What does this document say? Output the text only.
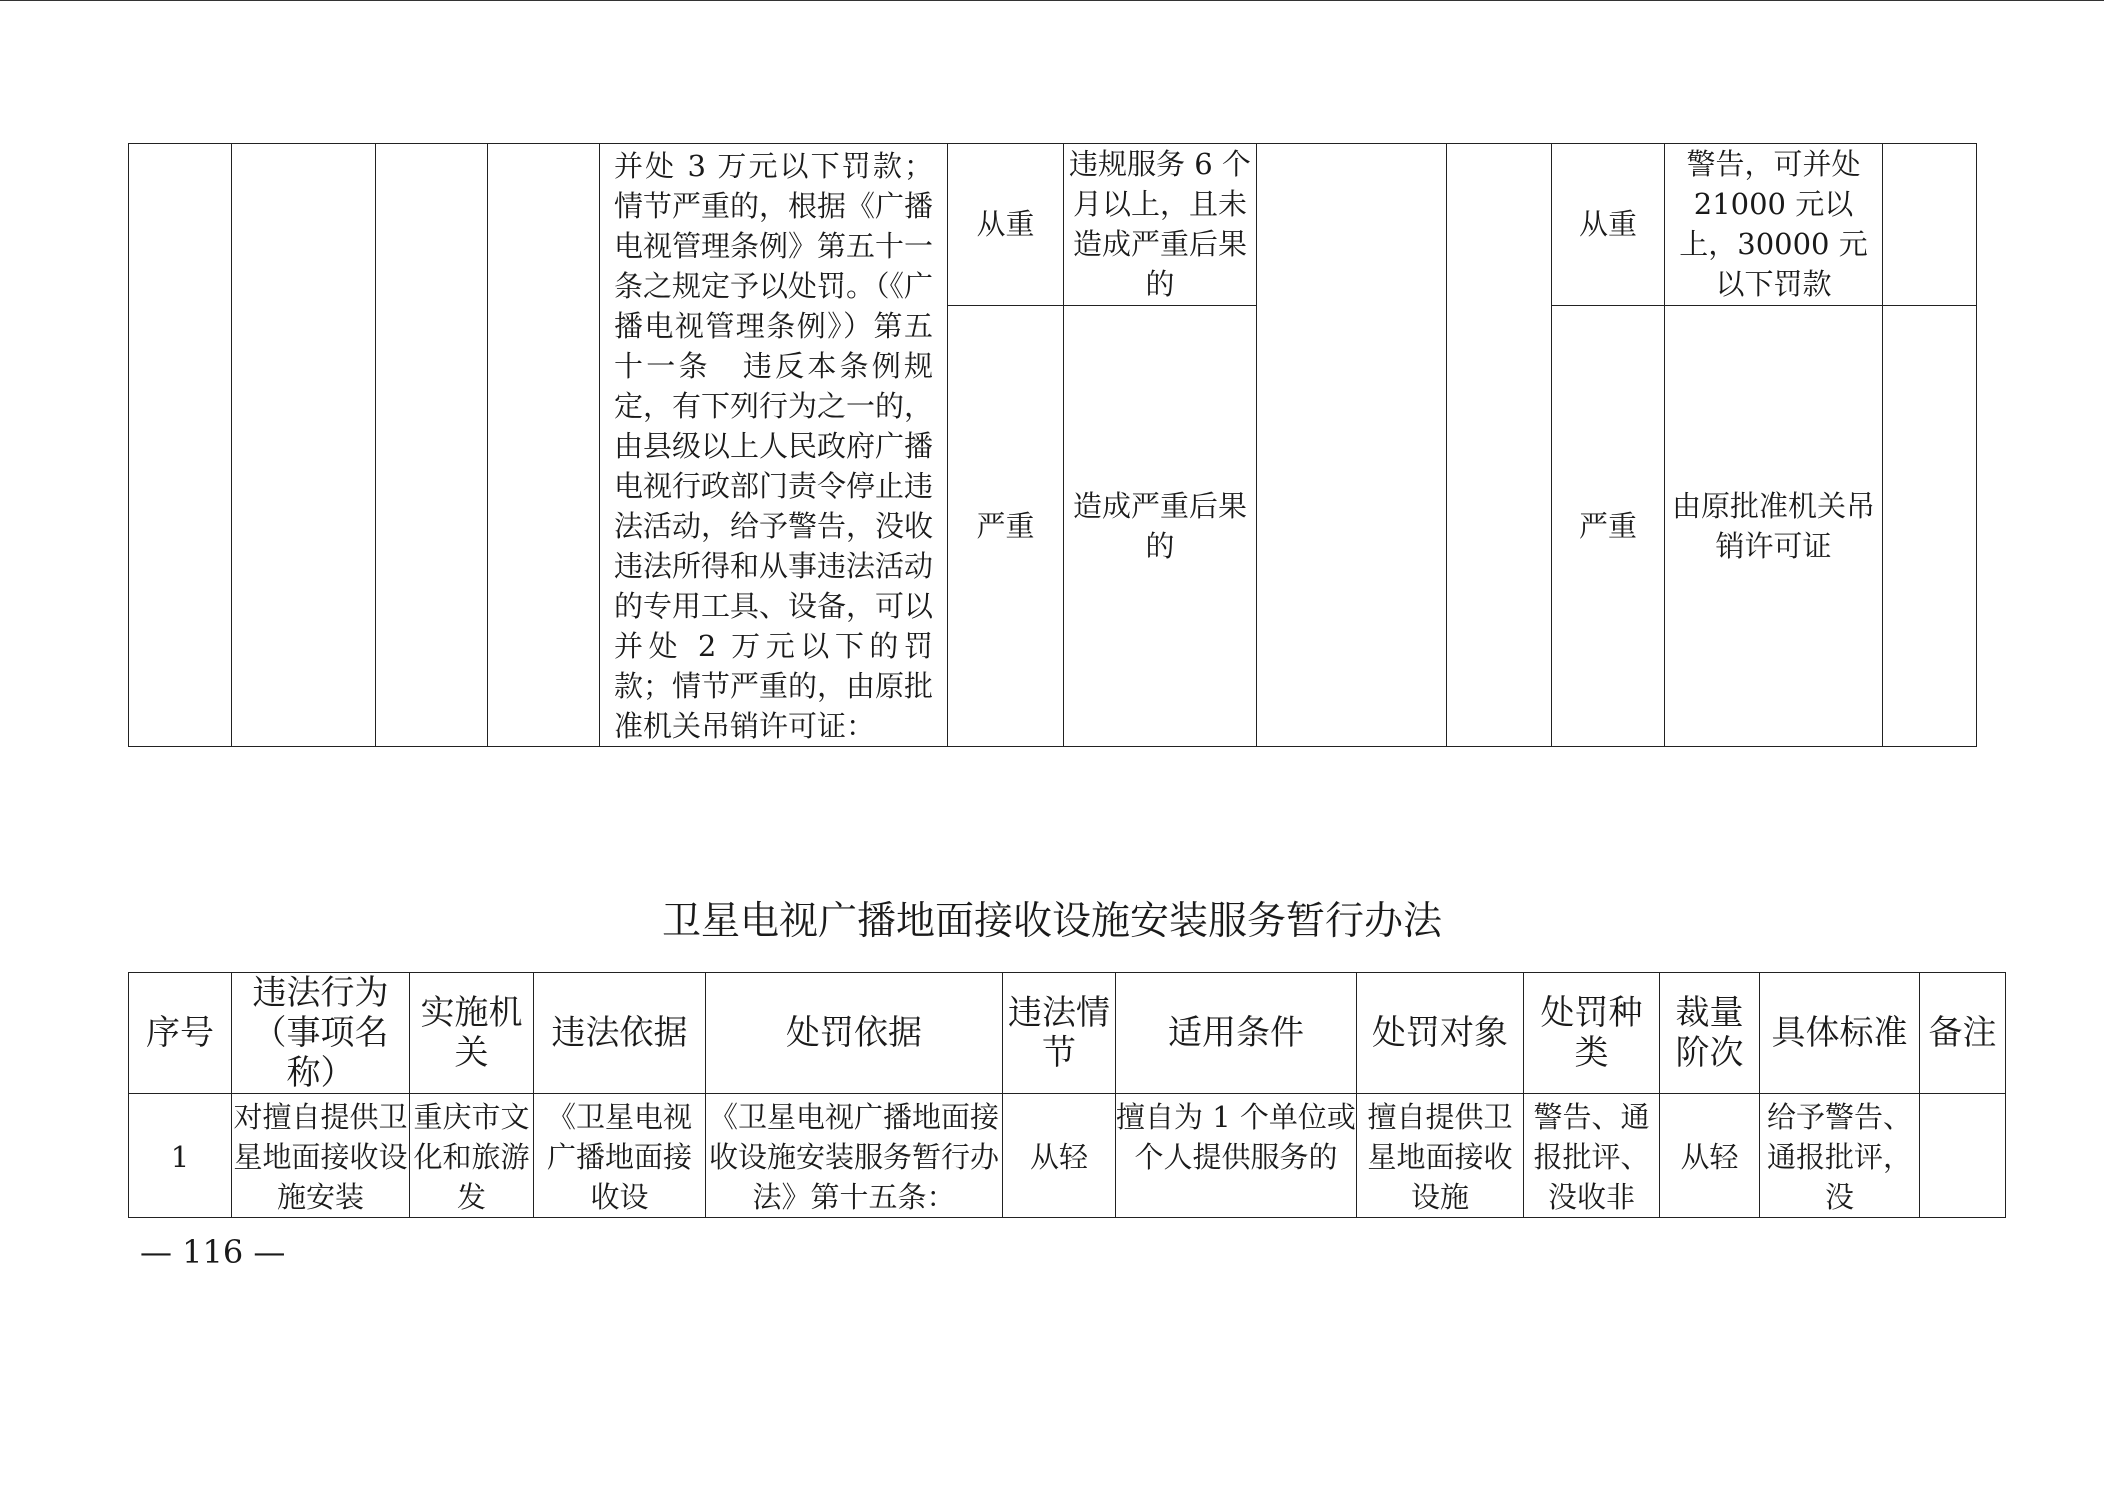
				并处 3 万元以下罚款；情节严重的，根据《广播电视管理条例》第五十一条之规定予以处罚。（《广播电视管理条例》）第五十一条　违反本条例规定，有下列行为之一的，由县级以上人民政府广播电视行政部门责令停止违法活动，给予警告，没收违法所得和从事违法活动的专用工具、设备，可以并处 2 万元以下的罚款；情节严重的，由原批准机关吊销许可证：	从重	违规服务 6 个月以上，且未造成严重后果的			从重	警告，可并处 21000 元以上，30000 元以下罚款	
					严重	造成严重后果的			严重	由原批准机关吊销许可证	
卫星电视广播地面接收设施安装服务暂行办法
序号	违法行为（事项名称）	实施机关	违法依据	处罚依据	违法情节	适用条件	处罚对象	处罚种类	裁量阶次	具体标准	备注
1	对擅自提供卫星地面接收设施安装	重庆市文化和旅游发	《卫星电视广播地面接收设	《卫星电视广播地面接收设施安装服务暂行办法》第十五条：	从轻	擅自为 1 个单位或个人提供服务的	擅自提供卫星地面接收设施	警告、通报批评、没收非	从轻	给予警告、通报批评，没	
— 116 —
